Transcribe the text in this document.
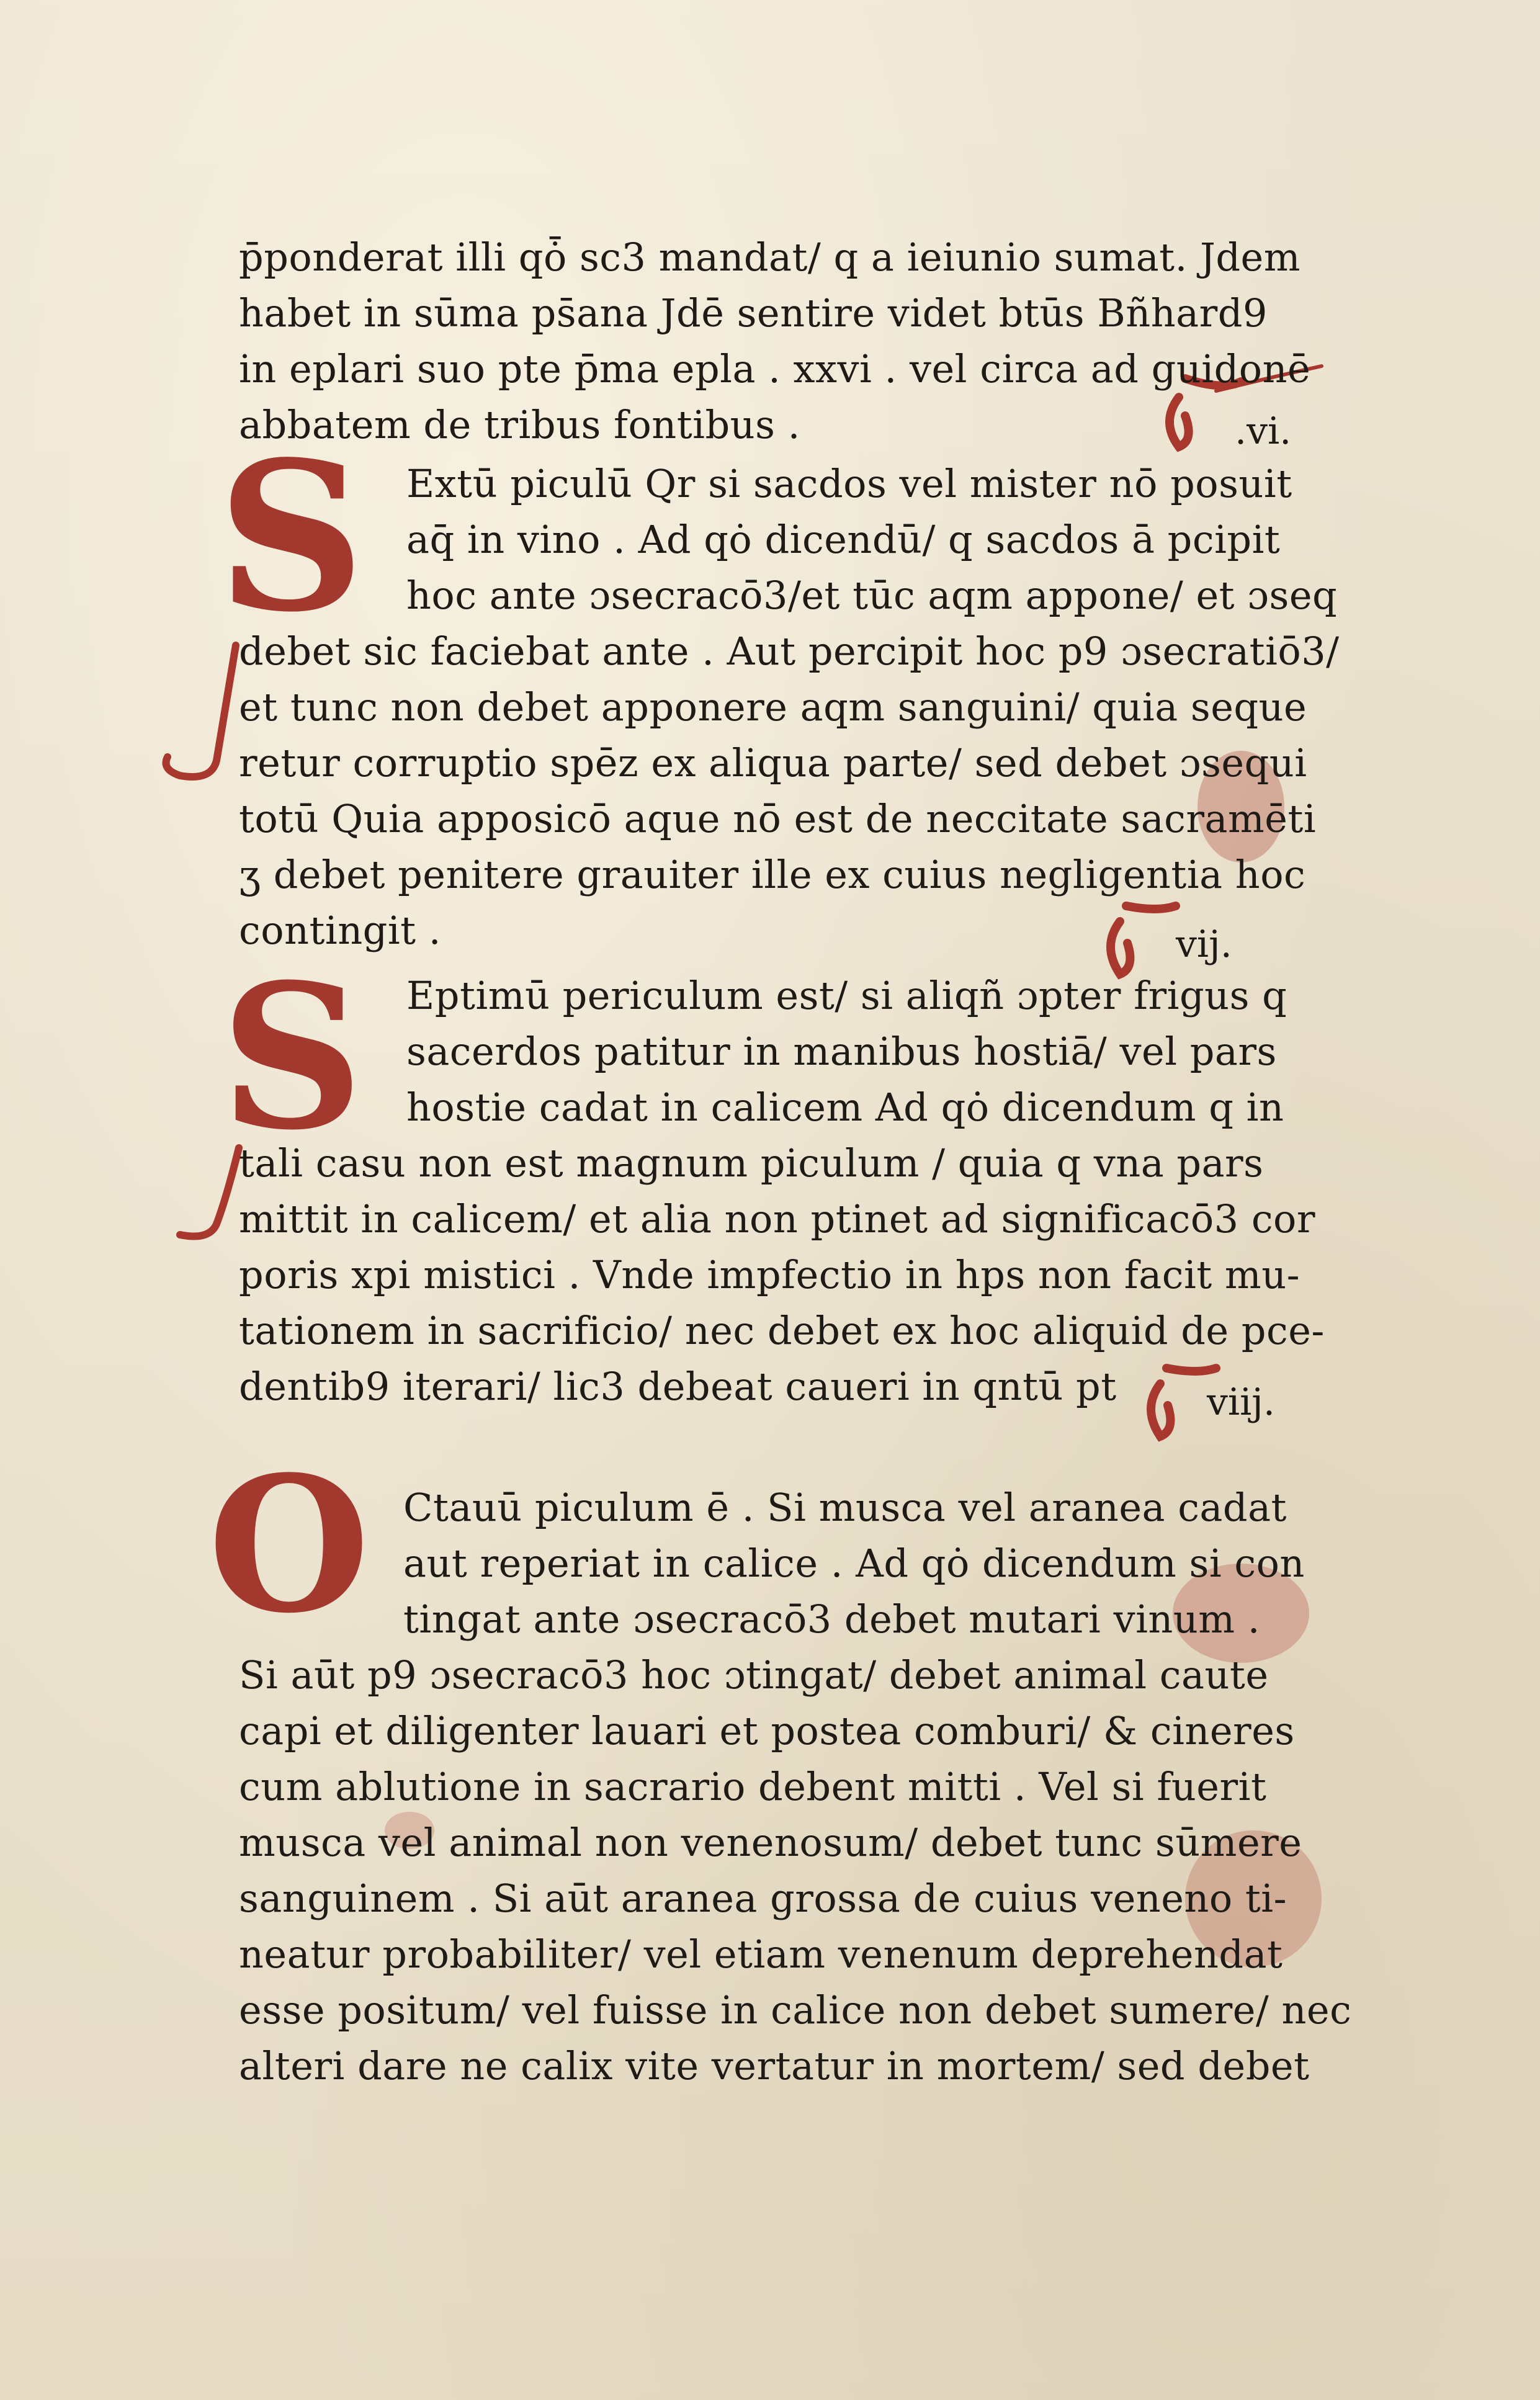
S
S
O
.vi.
vij.
viij.
p̄ponderat illi qȱ sc3 mandat/ q a ieiunio sumat. Jdem
habet in sūma ps̄ana Jdē sentire videt btūs Bñhard9
in eplari suo pte p̄ma epla . xxvi . vel circa ad guidonē
abbatem de tribus fontibus .
Extū piculū Qr si sacdos vel mister nō posuit
aq̄ in vino . Ad qȯ dicendū/ q sacdos ā pcipit
hoc ante ɔsecracō3/et tūc aqm appone/ et ɔseq
debet sic faciebat ante . Aut percipit hoc p9 ɔsecratiō3/
et tunc non debet apponere aqm sanguini/ quia seque
retur corruptio spēz ex aliqua parte/ sed debet ɔsequi
totū Quia apposicō aque nō est de neccitate sacramēti
ʒ debet penitere grauiter ille ex cuius negligentia hoc
contingit .
Eptimū periculum est/ si aliqñ ɔpter frigus q
sacerdos patitur in manibus hostiā/ vel pars
hostie cadat in calicem Ad qȯ dicendum q in
tali casu non est magnum piculum / quia q vna pars
mittit in calicem/ et alia non ptinet ad significacō3 cor
poris xpi mistici . Vnde impfectio in hps non facit mu-
tationem in sacrificio/ nec debet ex hoc aliquid de pce-
dentib9 iterari/ lic3 debeat caueri in qntū pt
Ctauū piculum ē . Si musca vel aranea cadat
aut reperiat in calice . Ad qȯ dicendum si con
tingat ante ɔsecracō3 debet mutari vinum .
Si aūt p9 ɔsecracō3 hoc ɔtingat/ debet animal caute
capi et diligenter lauari et postea comburi/ & cineres
cum ablutione in sacrario debent mitti . Vel si fuerit
musca vel animal non venenosum/ debet tunc sūmere
sanguinem . Si aūt aranea grossa de cuius veneno ti-
neatur probabiliter/ vel etiam venenum deprehendat
esse positum/ vel fuisse in calice non debet sumere/ nec
alteri dare ne calix vite vertatur in mortem/ sed debet
